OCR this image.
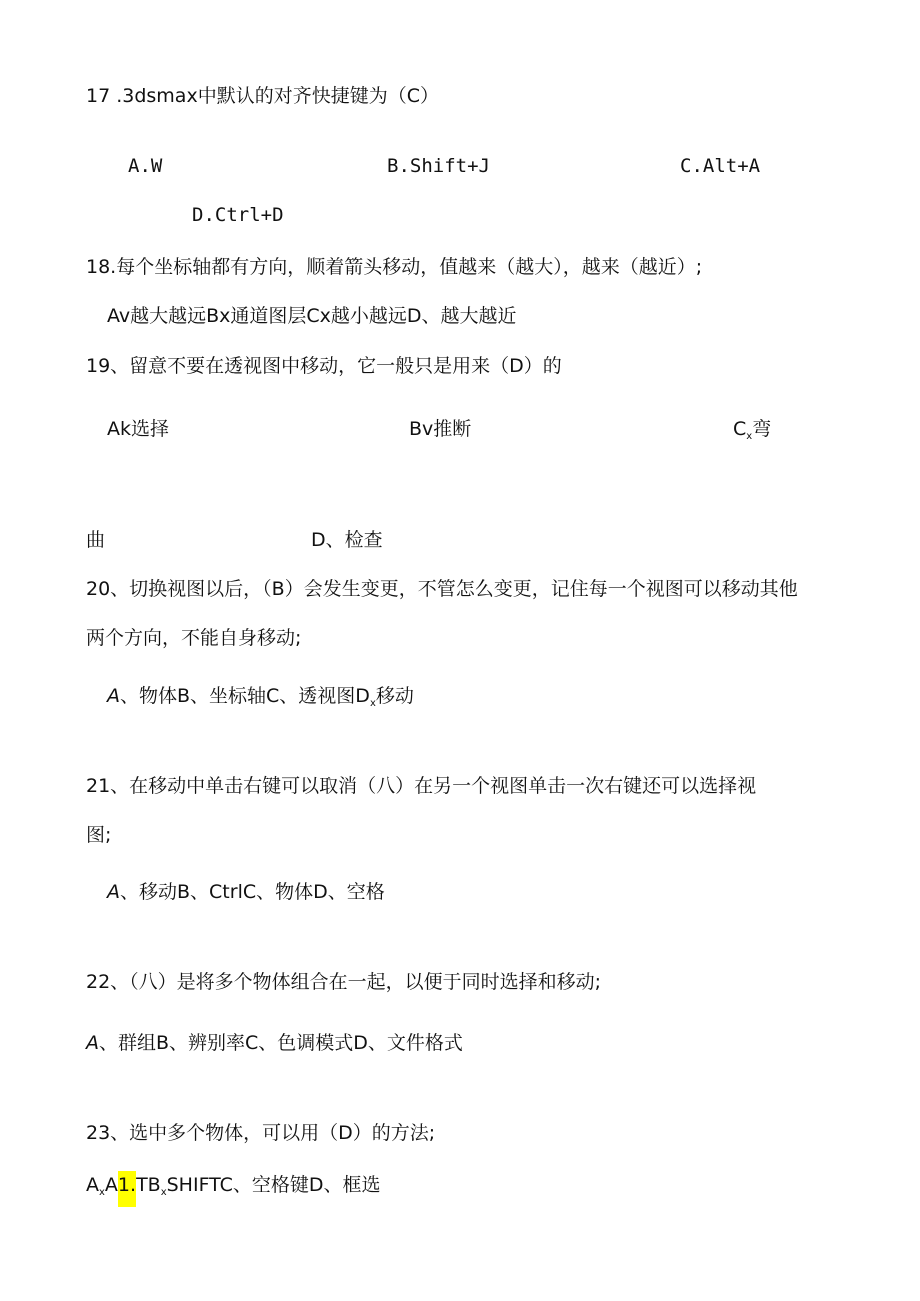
17 .3dsmax中默认的对齐快捷键为（C）
A.W	B.Shift+J	C.Alt+A
D.Ctrl+D
18.每个坐标轴都有方向，顺着箭头移动，值越来（越大），越来（越近）;
Av越大越远Bx通道图层Cx越小越远D、越大越近
19、留意不要在透视图中移动，它一般只是用来（D）的
Ak选择	Bv推断	$C_x$弯
曲	D、检查
20、切换视图以后，（B）会发生变更，不管怎么变更，记住每一个视图可以移动其他
两个方向，不能自身移动;
A、物体B、坐标轴C、透视图$D_x$移动
21、在移动中单击右键可以取消（八）在另一个视图单击一次右键还可以选择视
图;
A、移动B、CtrlC、物体D、空格
22、（八）是将多个物体组合在一起，以便于同时选择和移动;
A、群组B、辨别率C、色调模式D、文件格式
23、选中多个物体，可以用（D）的方法;
$A_xA1.TB_xSHIFTC$、空格键D、框选
